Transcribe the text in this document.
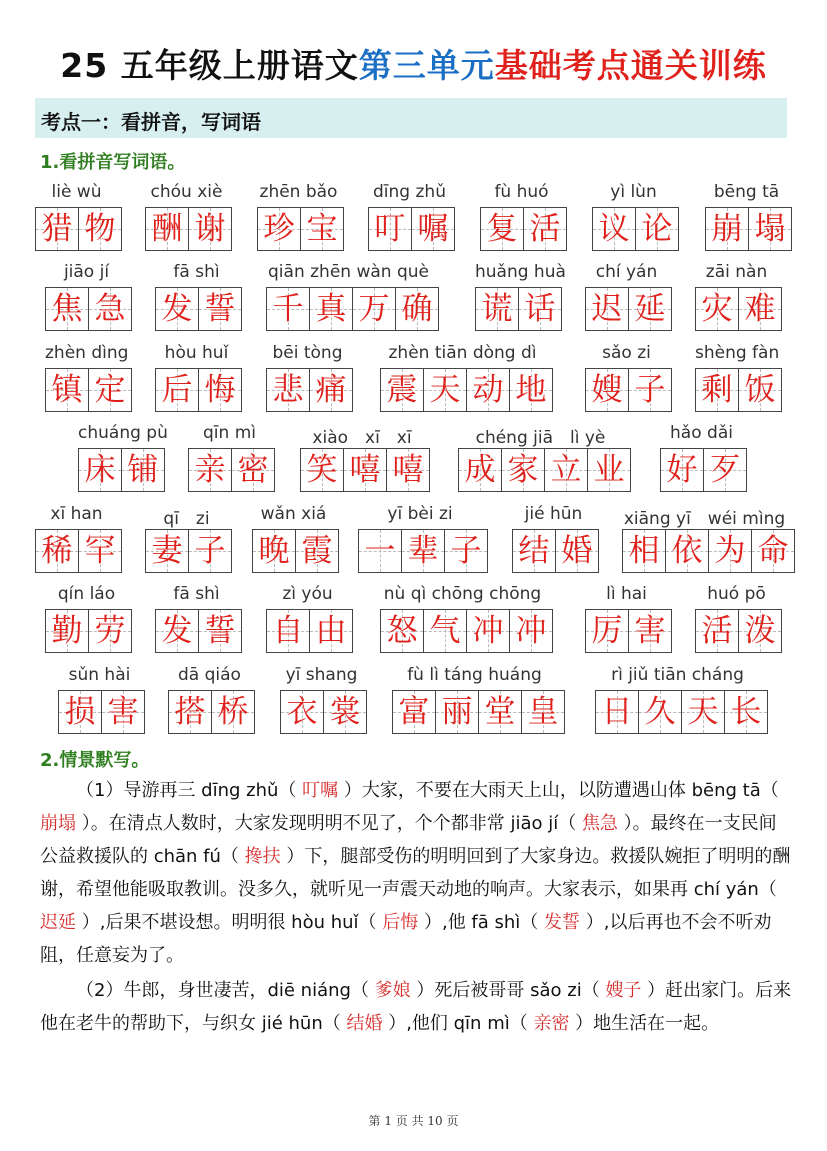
25 五年级上册语文第三单元基础考点通关训练
考点一：看拼音，写词语
1.看拼音写词语。
liè wù
猎 物
chóu xiè
酬 谢
zhēn bǎo
珍 宝
dīng zhǔ
叮 嘱
fù huó
复 活
yì lùn
议 论
bēng tā
崩 塌
jiāo jí
焦 急
fā shì
发 誓
qiān zhēn wàn què
千 真 万 确
huǎng huà
谎 话
chí yán
迟 延
zāi nàn
灾 难
zhèn dìng
镇 定
hòu huǐ
后 悔
bēi tòng
悲 痛
zhèn tiān dòng dì
震 天 动 地
sǎo zi
嫂 子
shèng fàn
剩 饭
chuáng pù
床 铺
qīn mì
亲 密
xiào　xī　xī
笑 嘻 嘻
chéng jiā　lì yè
成 家 立 业
hǎo dǎi
好 歹
xī han
稀 罕
qī　zi
妻 子
wǎn xiá
晚 霞
yī bèi zi
一 辈 子
jié hūn
结 婚
xiāng yī　wéi mìng
相 依 为 命
qín láo
勤 劳
fā shì
发 誓
zì yóu
自 由
nù qì chōng chōng
怒 气 冲 冲
lì hai
厉 害
huó pō
活 泼
sǔn hài
损 害
dā qiáo
搭 桥
yī shang
衣 裳
fù lì táng huáng
富 丽 堂 皇
rì jiǔ tiān cháng
日 久 天 长
2.情景默写。
（1）导游再三 dīng zhǔ（ 叮嘱 ）大家，不要在大雨天上山，以防遭遇山体 bēng tā（ 崩塌 ）。在清点人数时，大家发现明明不见了，个个都非常 jiāo jí（ 焦急 ）。最终在一支民间公益救援队的 chān fú（ 搀扶 ）下，腿部受伤的明明回到了大家身边。救援队婉拒了明明的酬谢，希望他能吸取教训。没多久，就听见一声震天动地的响声。大家表示，如果再 chí yán（ 迟延 ）,后果不堪设想。明明很 hòu huǐ（ 后悔 ）,他 fā shì（ 发誓 ）,以后再也不会不听劝阻，任意妄为了。
（2）牛郎，身世凄苦，diē niáng（ 爹娘 ）死后被哥哥 sǎo zi（ 嫂子 ）赶出家门。后来他在老牛的帮助下，与织女 jié hūn（ 结婚 ）,他们 qīn mì（ 亲密 ）地生活在一起。
第 1 页 共 10 页
